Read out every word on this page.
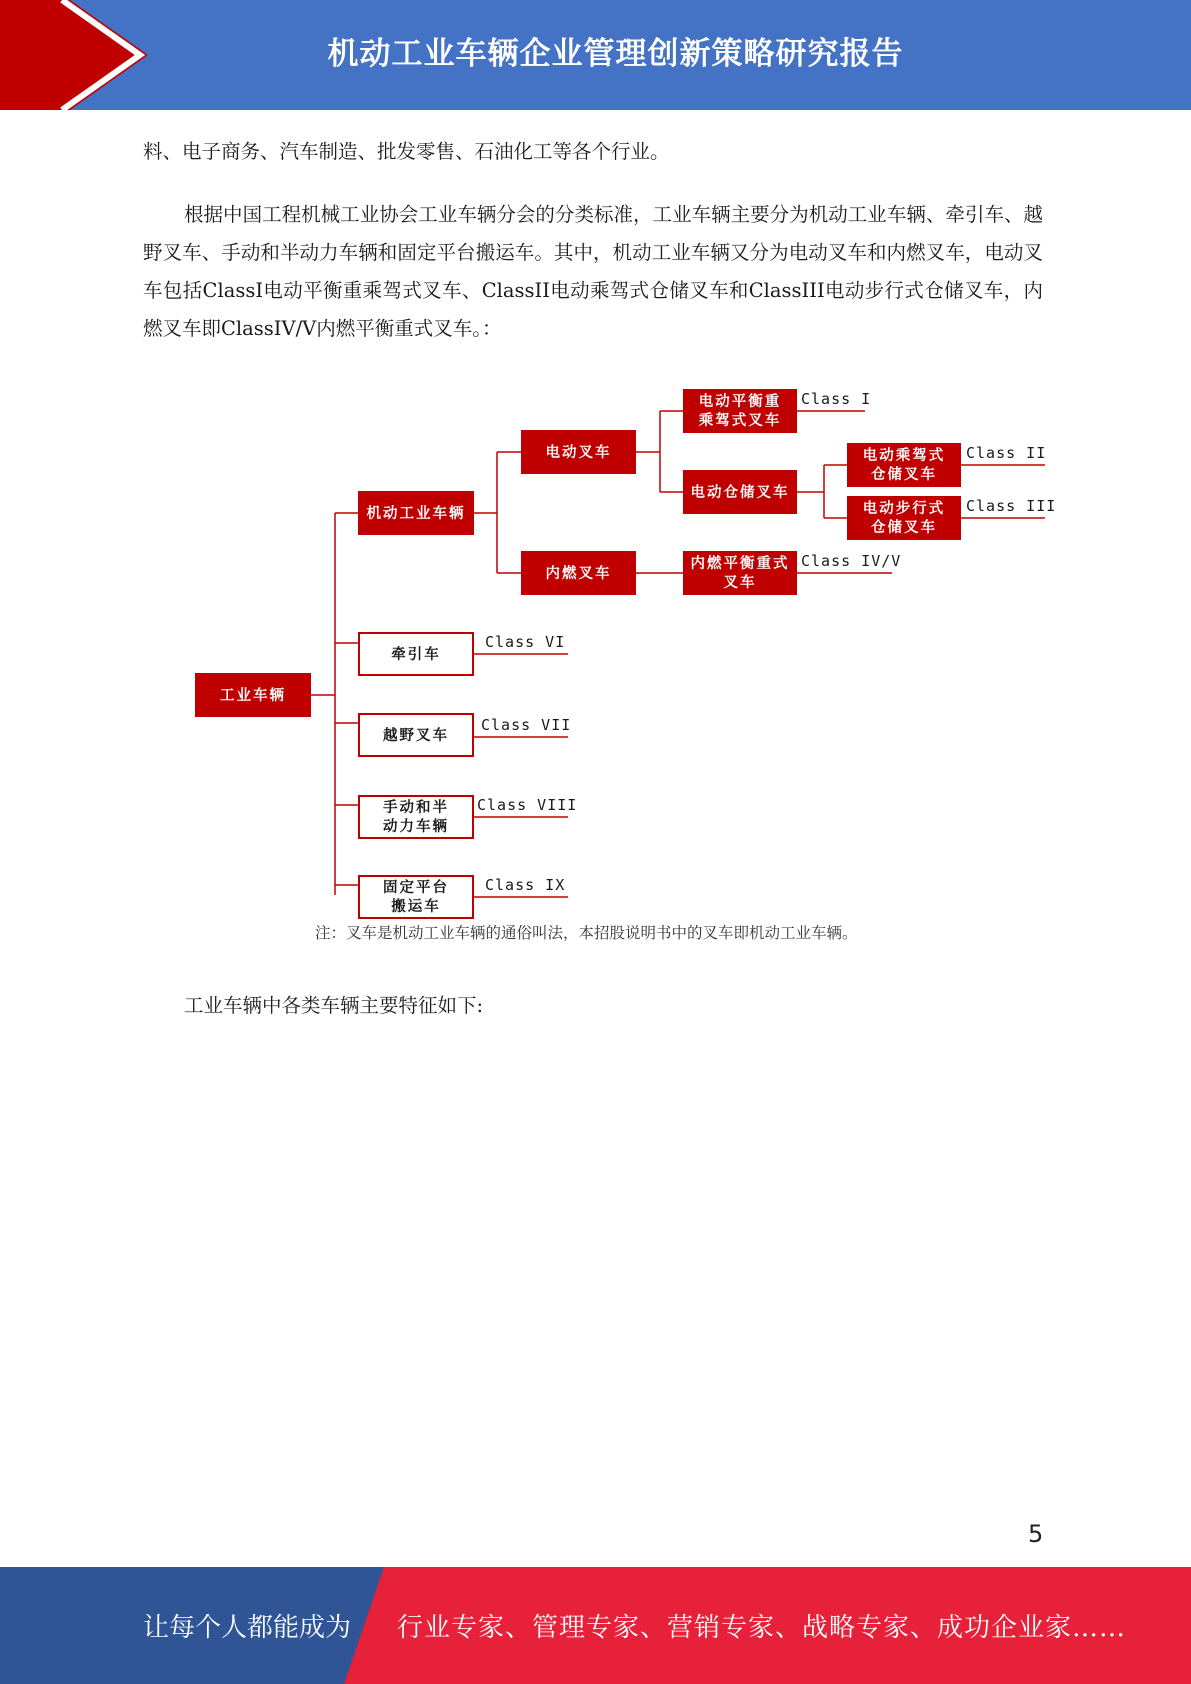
机动工业车辆企业管理创新策略研究报告

料、电子商务、汽车制造、批发零售、石油化工等各个行业。

根据中国工程机械工业协会工业车辆分会的分类标准，工业车辆主要分为机动工业车辆、牵引车、越野叉车、手动和半动力车辆和固定平台搬运车。其中，机动工业车辆又分为电动叉车和内燃叉车，电动叉车包括ClassI电动平衡重乘驾式叉车、ClassII电动乘驾式仓储叉车和ClassIII电动步行式仓储叉车，内燃叉车即ClassIV/V内燃平衡重式叉车。：

工业车辆
机动工业车辆
电动叉车
内燃叉车
电动平衡重
乘驾式叉车
电动仓储叉车
电动乘驾式
仓储叉车
电动步行式
仓储叉车
内燃平衡重式
叉车
牵引车
越野叉车
手动和半
动力车辆
固定平台
搬运车
Class I
Class II
Class III
Class IV/V
Class VI
Class VII
Class VIII
Class IX
注：叉车是机动工业车辆的通俗叫法，本招股说明书中的叉车即机动工业车辆。

工业车辆中各类车辆主要特征如下:

5
让每个人都能成为 行业专家、管理专家、营销专家、战略专家、成功企业家……
